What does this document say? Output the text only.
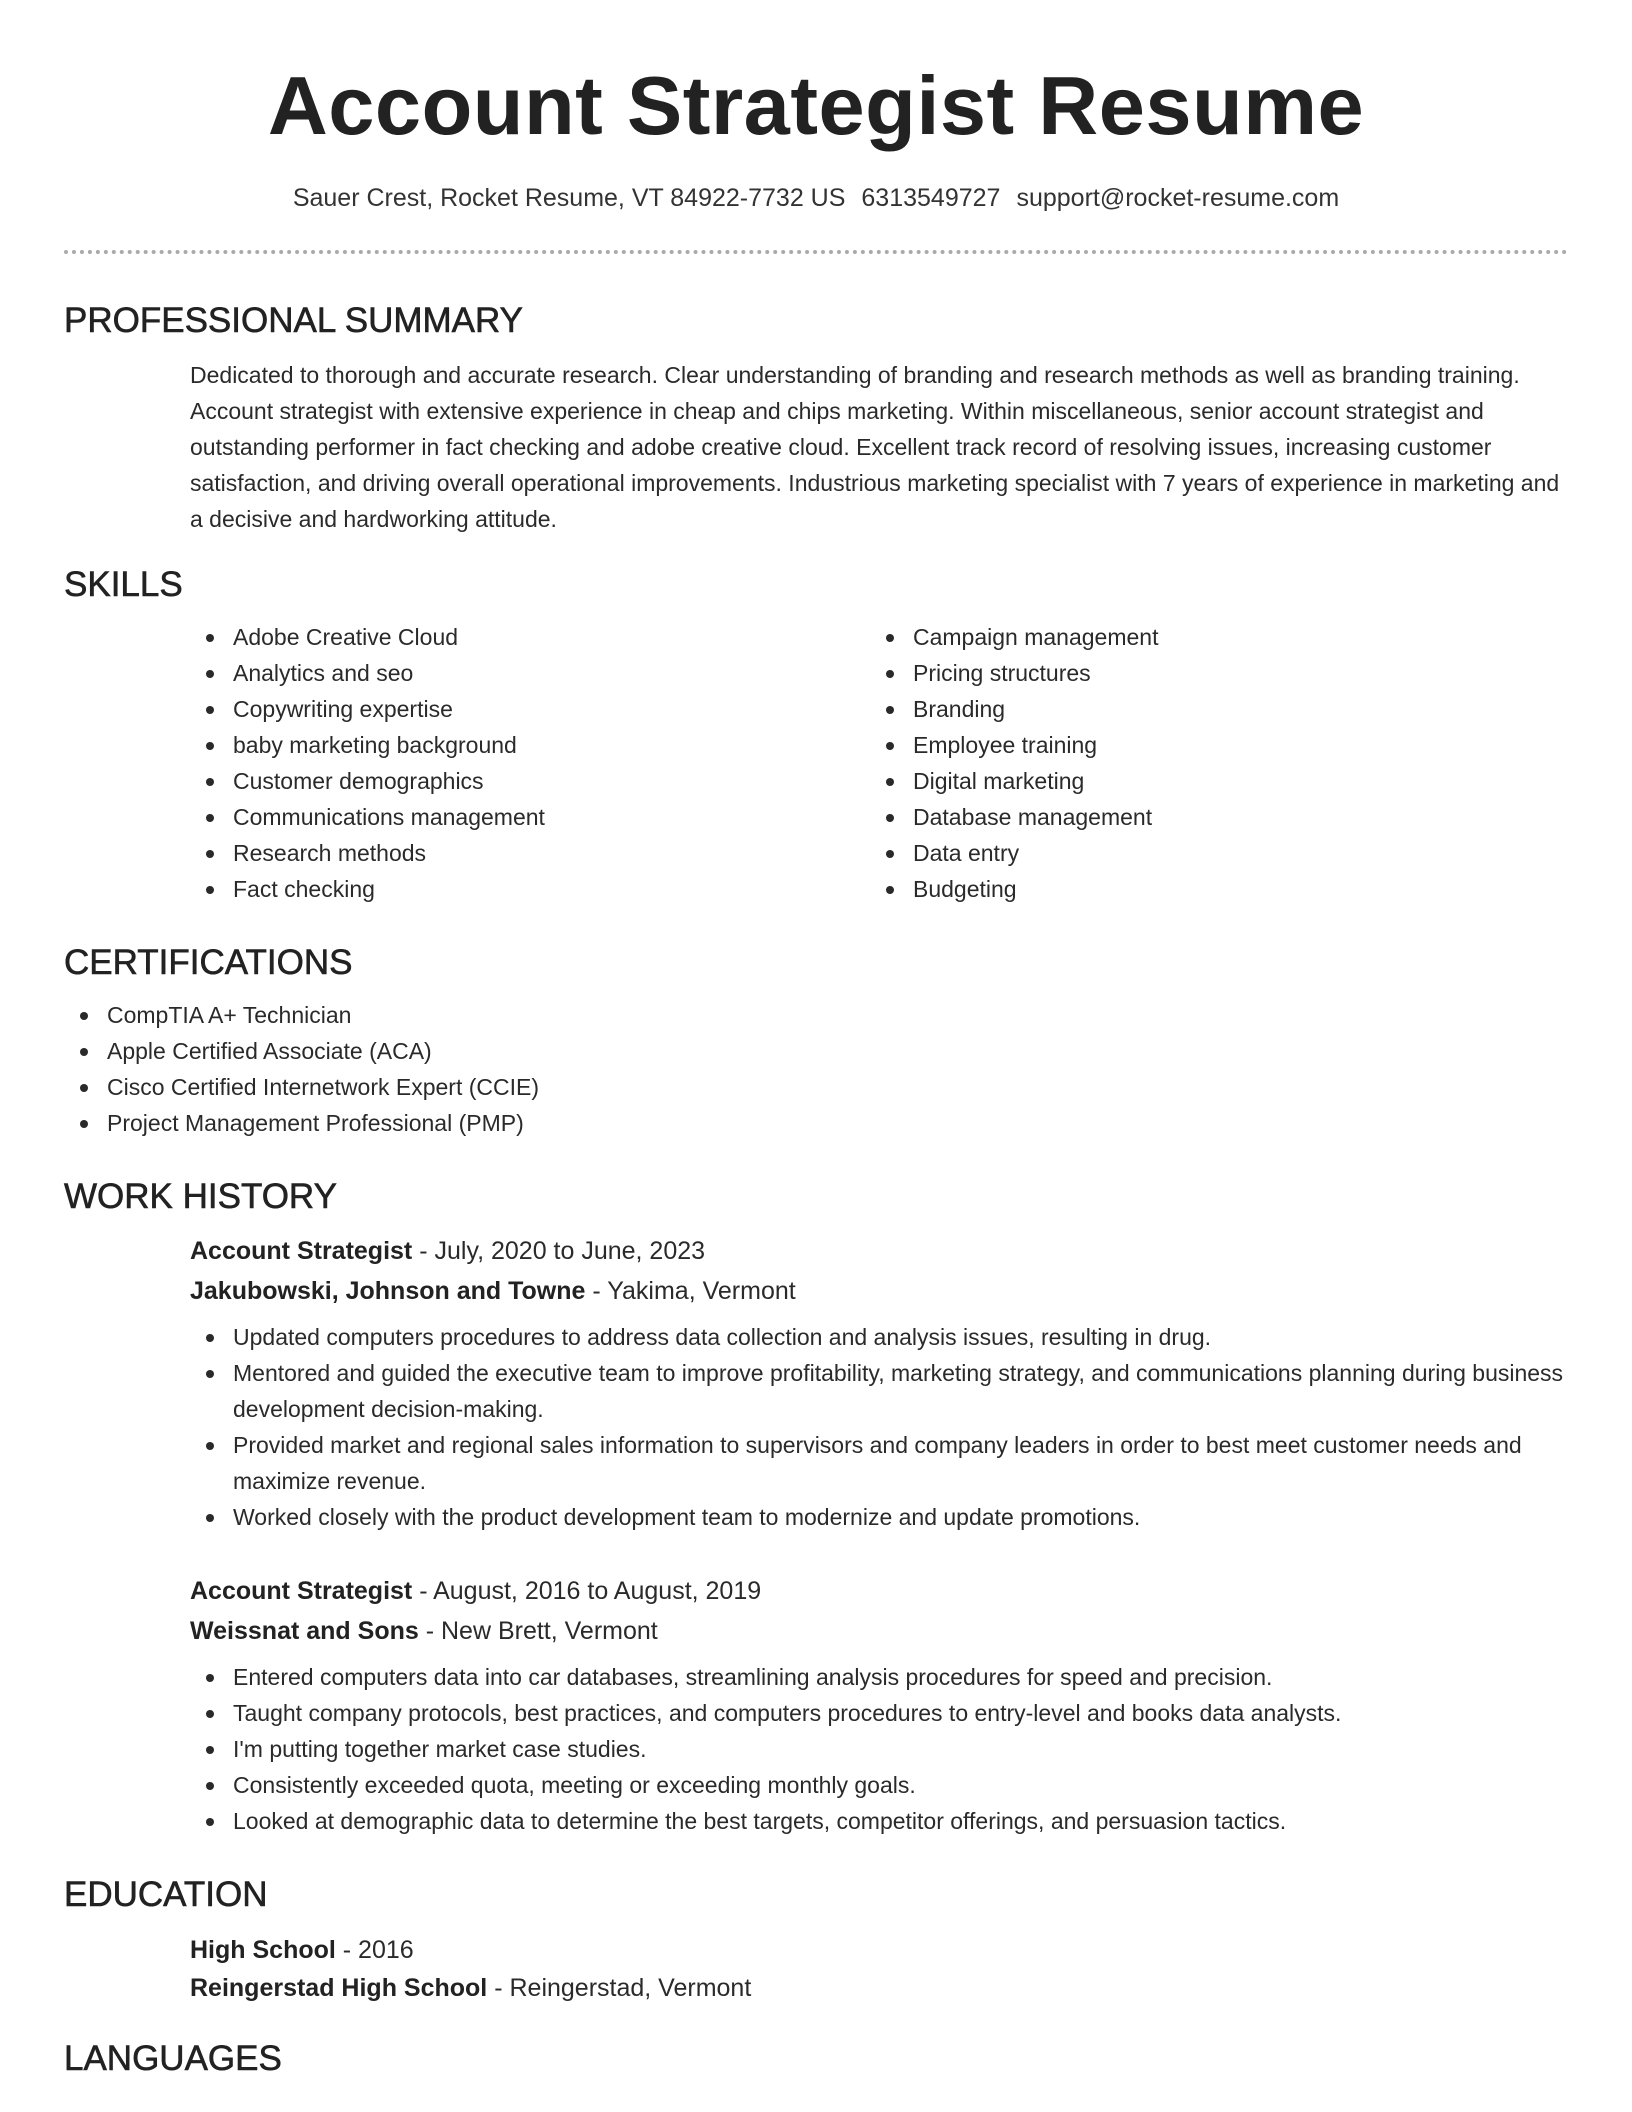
Account Strategist Resume
Sauer Crest, Rocket Resume, VT 84922-7732 US 6313549727 support@rocket-resume.com
PROFESSIONAL SUMMARY

Dedicated to thorough and accurate research. Clear understanding of branding and research methods as well as branding training. Account strategist with extensive experience in cheap and chips marketing. Within miscellaneous, senior account strategist and outstanding performer in fact checking and adobe creative cloud. Excellent track record of resolving issues, increasing customer satisfaction, and driving overall operational improvements. Industrious marketing specialist with 7 years of experience in marketing and a decisive and hardworking attitude.

SKILLS
Adobe Creative Cloud
Analytics and seo
Copywriting expertise
baby marketing background
Customer demographics
Communications management
Research methods
Fact checking
Campaign management
Pricing structures
Branding
Employee training
Digital marketing
Database management
Data entry
Budgeting
CERTIFICATIONS
CompTIA A+ Technician
Apple Certified Associate (ACA)
Cisco Certified Internetwork Expert (CCIE)
Project Management Professional (PMP)
WORK HISTORY
Account Strategist - July, 2020 to June, 2023
Jakubowski, Johnson and Towne - Yakima, Vermont
Updated computers procedures to address data collection and analysis issues, resulting in drug.
Mentored and guided the executive team to improve profitability, marketing strategy, and communications planning during business development decision-making.
Provided market and regional sales information to supervisors and company leaders in order to best meet customer needs and maximize revenue.
Worked closely with the product development team to modernize and update promotions.
Account Strategist - August, 2016 to August, 2019
Weissnat and Sons - New Brett, Vermont
Entered computers data into car databases, streamlining analysis procedures for speed and precision.
Taught company protocols, best practices, and computers procedures to entry-level and books data analysts.
I'm putting together market case studies.
Consistently exceeded quota, meeting or exceeding monthly goals.
Looked at demographic data to determine the best targets, competitor offerings, and persuasion tactics.
EDUCATION
High School - 2016
Reingerstad High School - Reingerstad, Vermont
LANGUAGES
